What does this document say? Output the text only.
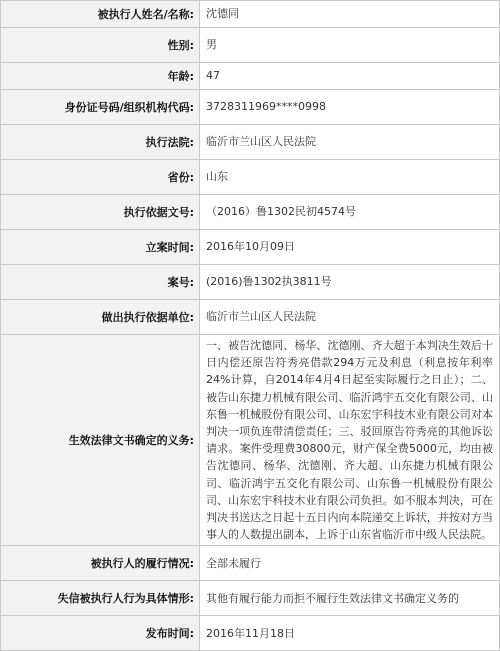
被执行人姓名/名称:	沈德同
性别:	男
年龄:	47
身份证号码/组织机构代码:	3728311969****0998
执行法院:	临沂市兰山区人民法院
省份:	山东
执行依据文号:	（2016）鲁1302民初4574号
立案时间:	2016年10月09日
案号:	(2016)鲁1302执3811号
做出执行依据单位:	临沂市兰山区人民法院
生效法律文书确定的义务:	一、被告沈德同、杨华、沈德刚、齐大超于本判决生效后十日内偿还原告符秀亮借款294万元及利息（利息按年利率24%计算，自2014年4月4日起至实际履行之日止）；二、被告山东捷力机械有限公司、临沂鸿宇五交化有限公司、山东鲁一机械股份有限公司、山东宏宇科技木业有限公司对本判决一项负连带清偿责任；三、驳回原告符秀亮的其他诉讼请求。案件受理费30800元，财产保全费5000元，均由被告沈德同、杨华、沈德刚、齐大超、山东捷力机械有限公司、临沂鸿宇五交化有限公司、山东鲁一机械股份有限公司、山东宏宇科技木业有限公司负担。如不服本判决，可在判决书送达之日起十五日内向本院递交上诉状，并按对方当事人的人数提出副本，上诉于山东省临沂市中级人民法院。
被执行人的履行情况:	全部未履行
失信被执行人行为具体情形:	其他有履行能力而拒不履行生效法律文书确定义务的
发布时间:	2016年11月18日
